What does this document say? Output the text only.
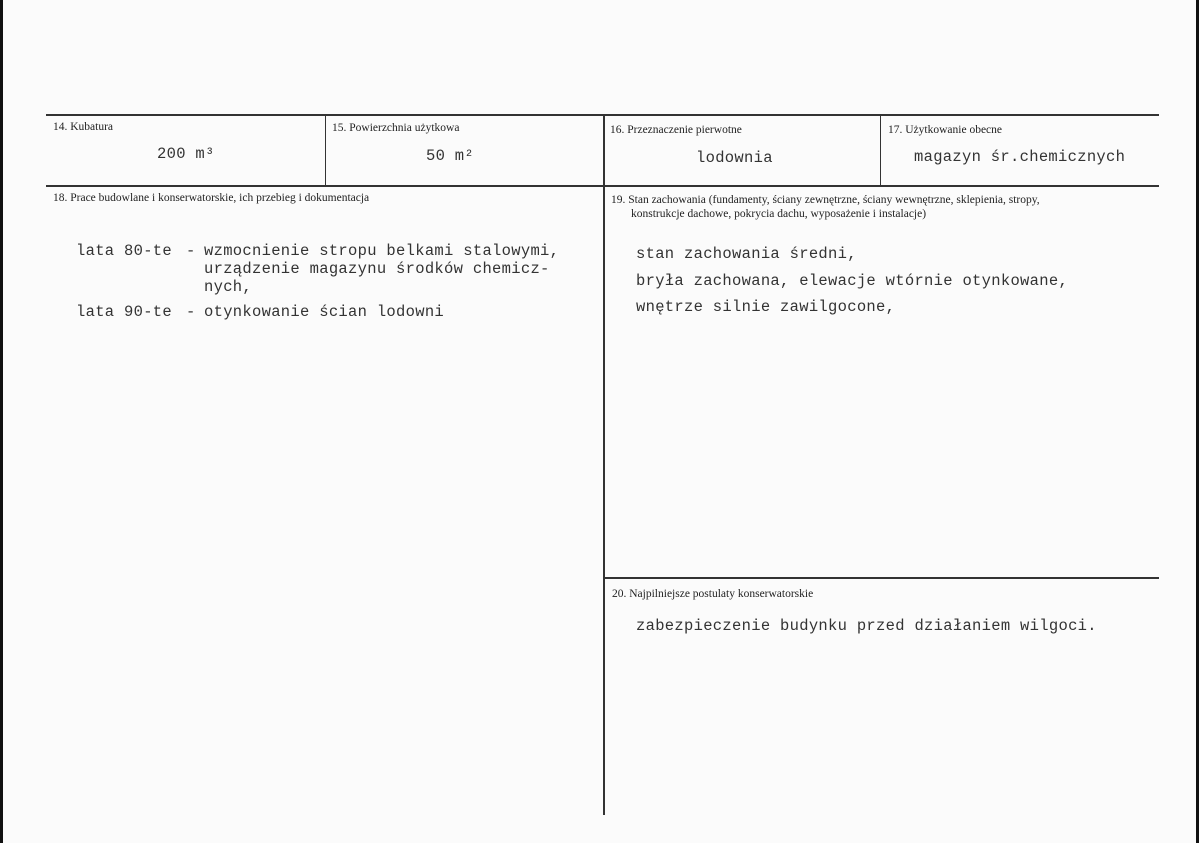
14. Kubatura
200 m³
15. Powierzchnia użytkowa
50 m²
16. Przeznaczenie pierwotne
lodownia
17. Użytkowanie obecne
magazyn śr.chemicznych
18. Prace budowlane i konserwatorskie, ich przebieg i dokumentacja
lata 80-te - wzmocnienie stropu belkami stalowymi,
urządzenie magazynu środków chemicz-
nych,
lata 90-te - otynkowanie ścian lodowni
19. Stan zachowania (fundamenty, ściany zewnętrzne, ściany wewnętrzne, sklepienia, stropy,
konstrukcje dachowe, pokrycia dachu, wyposażenie i instalacje)
stan zachowania średni,
bryła zachowana, elewacje wtórnie otynkowane,
wnętrze silnie zawilgocone,
20. Najpilniejsze postulaty konserwatorskie
zabezpieczenie budynku przed działaniem wilgoci.
